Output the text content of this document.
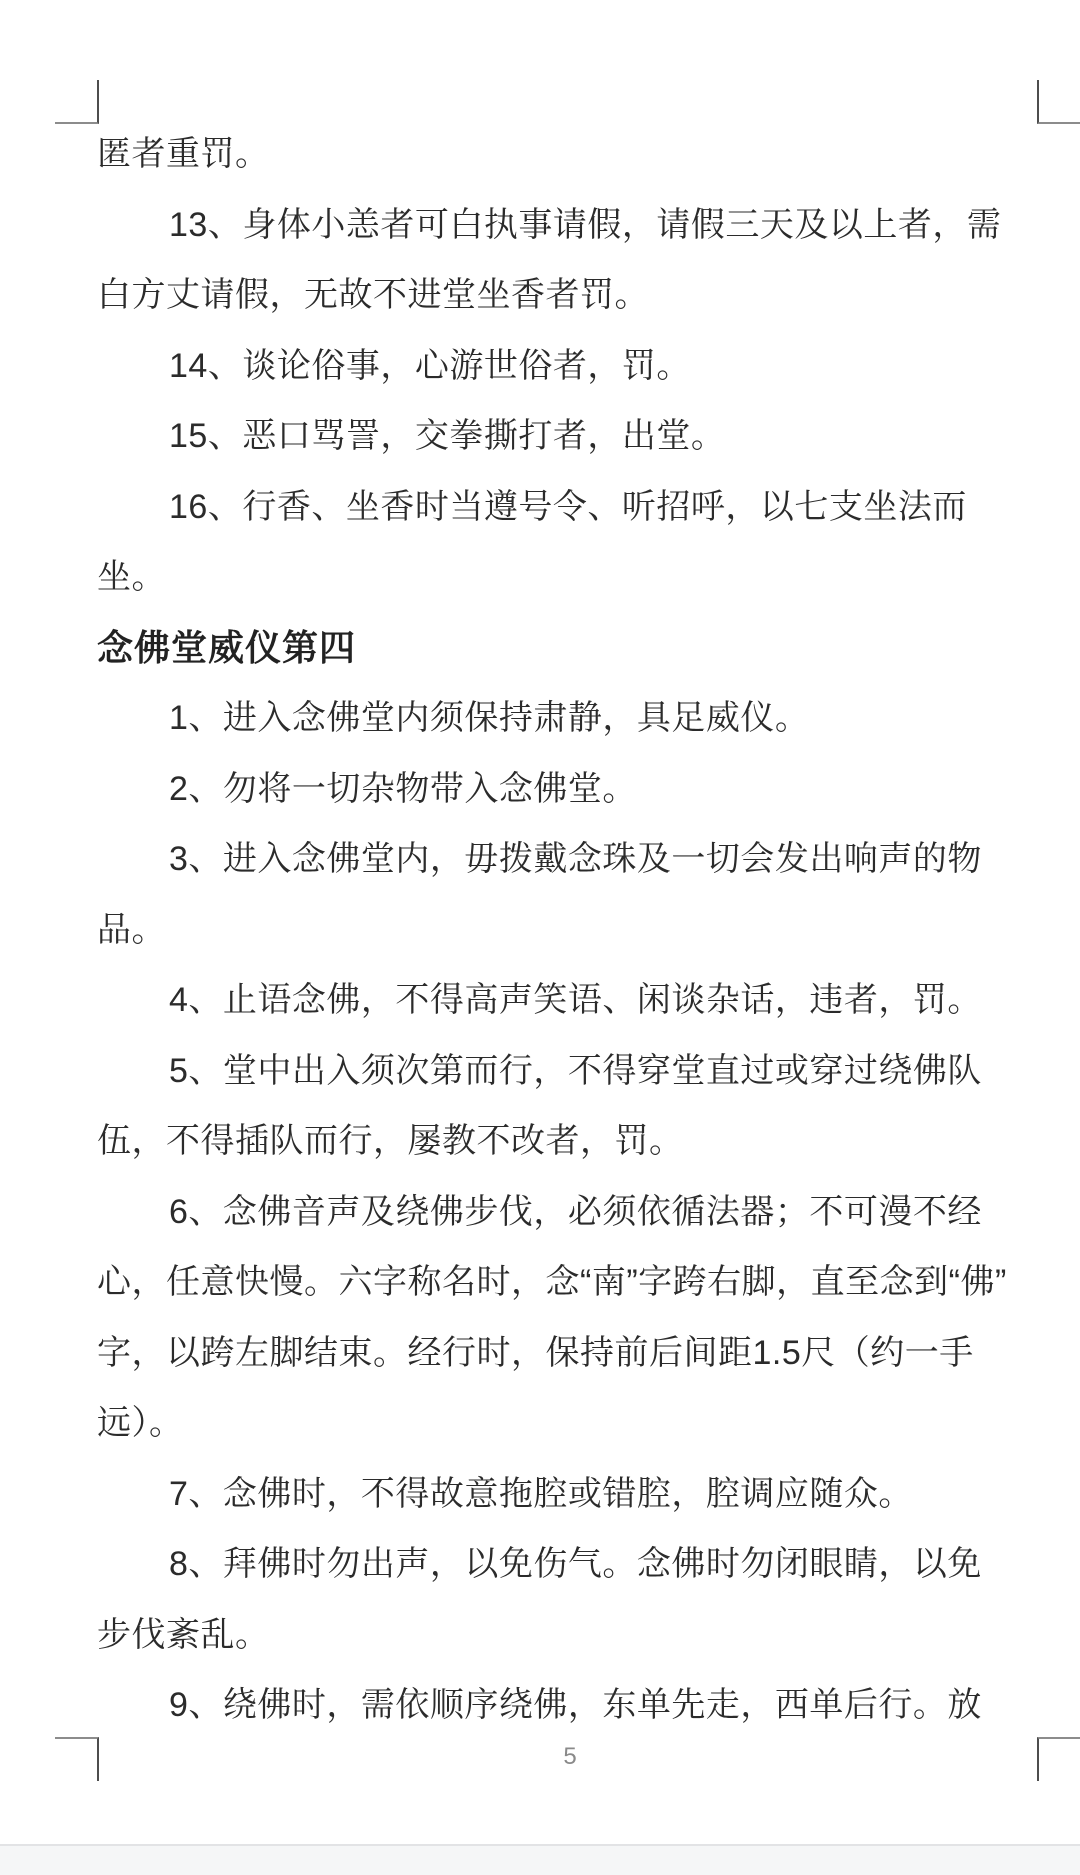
匿者重罚。
13、身体小恙者可白执事请假，请假三天及以上者，需
白方丈请假，无故不进堂坐香者罚。
14、谈论俗事，心游世俗者，罚。
15、恶口骂詈，交拳撕打者，出堂。
16、行香、坐香时当遵号令、听招呼，以七支坐法而
坐。
念佛堂威仪第四
1、进入念佛堂内须保持肃静，具足威仪。
2、勿将一切杂物带入念佛堂。
3、进入念佛堂内，毋拨戴念珠及一切会发出响声的物
品。
4、止语念佛，不得高声笑语、闲谈杂话，违者，罚。
5、堂中出入须次第而行，不得穿堂直过或穿过绕佛队
伍，不得插队而行，屡教不改者，罚。
6、念佛音声及绕佛步伐，必须依循法器；不可漫不经
心，任意快慢。六字称名时，念“南”字跨右脚，直至念到“佛”
字，以跨左脚结束。经行时，保持前后间距1.5尺（约一手
远）。
7、念佛时，不得故意拖腔或错腔，腔调应随众。
8、拜佛时勿出声，以免伤气。念佛时勿闭眼睛，以免
步伐紊乱。
9、绕佛时，需依顺序绕佛，东单先走，西单后行。放
5
